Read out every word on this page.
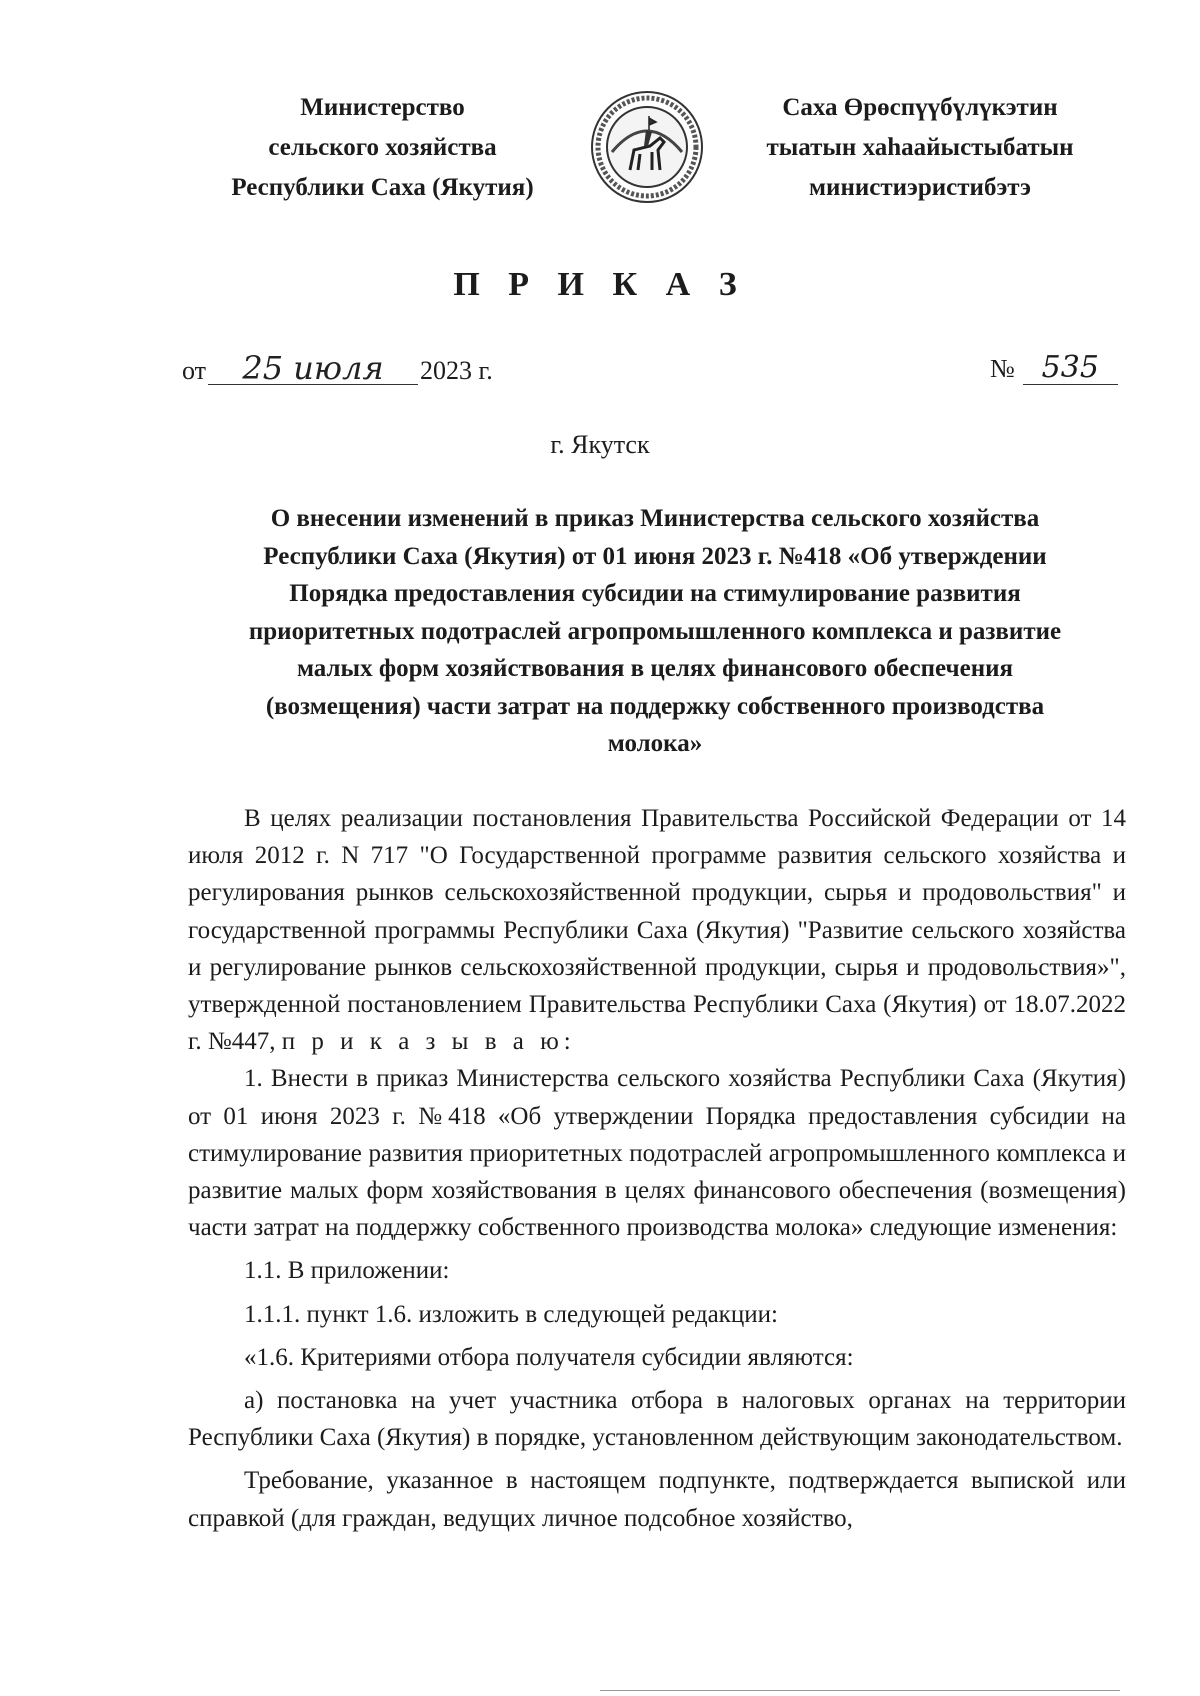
Министерство
сельского хозяйства
Республики Саха (Якутия)
Саха Өрөспүүбүлүкэтин
тыатын хаһаайыстыбатын
министиэристибэтэ
П Р И К А З
от 25 июля 2023 г.	№ 535
г. Якутск
О внесении изменений в приказ Министерства сельского хозяйства
Республики Саха (Якутия) от 01 июня 2023 г. №418 «Об утверждении
Порядка предоставления субсидии на стимулирование развития
приоритетных подотраслей агропромышленного комплекса и развитие
малых форм хозяйствования в целях финансового обеспечения
(возмещения) части затрат на поддержку собственного производства
молока»

В целях реализации постановления Правительства Российской Федерации от 14 июля 2012 г. N 717 "О Государственной программе развития сельского хозяйства и регулирования рынков сельскохозяйственной продукции, сырья и продовольствия" и государственной программы Республики Саха (Якутия) "Развитие сельского хозяйства и регулирование рынков сельскохозяйственной продукции, сырья и продовольствия»", утвержденной постановлением Правительства Республики Саха (Якутия) от 18.07.2022 г. №447, п р и к а з ы в а ю:

1. Внести в приказ Министерства сельского хозяйства Республики Саха (Якутия) от 01 июня 2023 г. №418 «Об утверждении Порядка предоставления субсидии на стимулирование развития приоритетных подотраслей агропромышленного комплекса и развитие малых форм хозяйствования в целях финансового обеспечения (возмещения) части затрат на поддержку собственного производства молока» следующие изменения:

1.1. В приложении:

1.1.1. пункт 1.6. изложить в следующей редакции:

«1.6. Критериями отбора получателя субсидии являются:

а) постановка на учет участника отбора в налоговых органах на территории Республики Саха (Якутия) в порядке, установленном действующим законодательством.

Требование, указанное в настоящем подпункте, подтверждается выпиской или справкой (для граждан, ведущих личное подсобное хозяйство,
